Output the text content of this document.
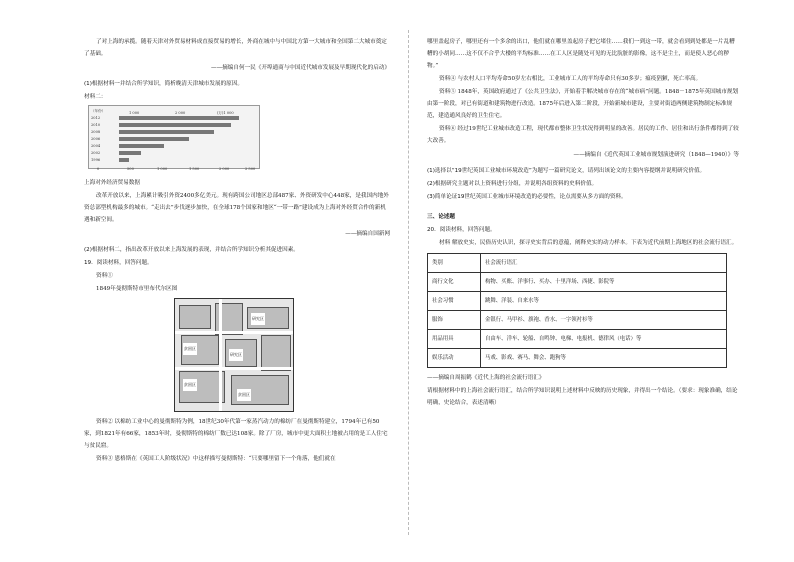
了对上海的承揽。随着天津对外贸易材料成直接贸易的增长，外商在城中与中国北方第一大城市和全国第二大城市奠定了基础。

——摘编自何一民《开埠通商与中国近代城市发展及早期现代化的启动》

(1)根据材料一并结合所学知识，简析晚清天津城市发展的原因。

材料二：

1 000	2 000	(万)1 000
（年份）
2012
2010
2008
2006
2004
2002
1996
0	500	1 000	1 500	2 000	2 500

上海对外经济贸易数据

改革开放以来，上海累计吸引外资2400多亿美元。现有跨国公司地区总部487家、外资研发中心448家，是我国内地外资总部型机构最多的城市。“走出去”步伐逐步加快，在全球178个国家和地区“一带一路”建设成为上海对外经贸合作的新机遇和新空间。

——摘编自国新网

(2)根据材料二，指出改革开放以来上海发展的表现，并结合所学知识分析其促进因素。

19．阅读材料，回答问题。

资料①

1849年曼彻斯特市里布代尔区图

贫困区
研究区
贫困区
贫困区
研究区

资料② 以棉纺工业中心的曼彻斯特为例，18世纪30年代第一家蒸汽动力的棉纺厂在曼彻斯特建立，1794年已有50家，到1821年有66家，1853年时，曼彻斯特的棉纺厂数已达108家。除了厂房，城市中更大面积土地被占用的是工人住宅与贫民窟。

资料③ 恩格斯在《英国工人阶级状况》中这样描写曼彻斯特：“只要哪里留下一个角落，他们就在

哪里盖起房子，哪里还有一个多余的出口，他们就在哪里盖起房子把它堵住……我们一到这一带，就会看到到处都是一片乱糟糟的小胡同……这不仅不合乎大楼的平均标准……在工人区是随处可见的无比肮脏的影像，这不是尘土，而是使人恶心的秽物。”

资料④ 与农村人口平均寿命50岁左右相比，工业城市工人的平均寿命只有30多岁；瘟疫猖獗，死亡率高。

资料⑤ 1848年，英国政府通过了《公共卫生法》，开始着手解决城市存在的“城市病”问题。1848－1875年英国城市规划由第一阶段，对已有街道和建筑物进行改造。1875年后进入第二阶段，开始新城市建设，主要对街道两侧建筑物制定标准规范，建造通风良好的卫生住宅。

资料⑥ 经过19世纪工业城市改造工程，现代都市整体卫生状况得到明显的改善。居民的工作、居住和出行条件都得到了较大改善。

——摘编自《近代英国工业城市规划演进研究（1848—1940）》等

(1)选择以“19世纪英国工业城市环境改造”为题写一篇研究论文，请列出该论文的主要内容提纲并说明研究价值。

(2)根据研究主题对以上资料进行分组，并说明各组资料的史料价值。

(3)简单论证19世纪英国工业城市环境改造的必要性，论点需要从多方面的资料。

三、论述题

20．阅读材料，回答问题。

材料 解放史实，民俗历史认识，探寻史实背后的意蕴，阐释史实的动力样本。下表为近代前期上海地区的社会流行语汇。

类别	社会流行语汇
商行文化	构物、买账、洋事行、买办、十里洋场、西捷、影院等
社会习惯	跳舞、洋装、自来水等
服饰	金银行、马甲衫、旗袍、香水、一字领衬衫等
用品用具	自由车、洋车、轮船、自鸣钟、电梯、电报机、德律风（电话）等
娱乐活动	马戏、影戏、赛马、舞会、跑狗等

——摘编自周振鹤《近代上海的社会流行语汇》

请根据材料中的上海社会流行语汇，结合所学知识说明上述材料中反映的历史现象，并得出一个结论。（要求：现象准确，结论明确，史论结合，表述清晰）
